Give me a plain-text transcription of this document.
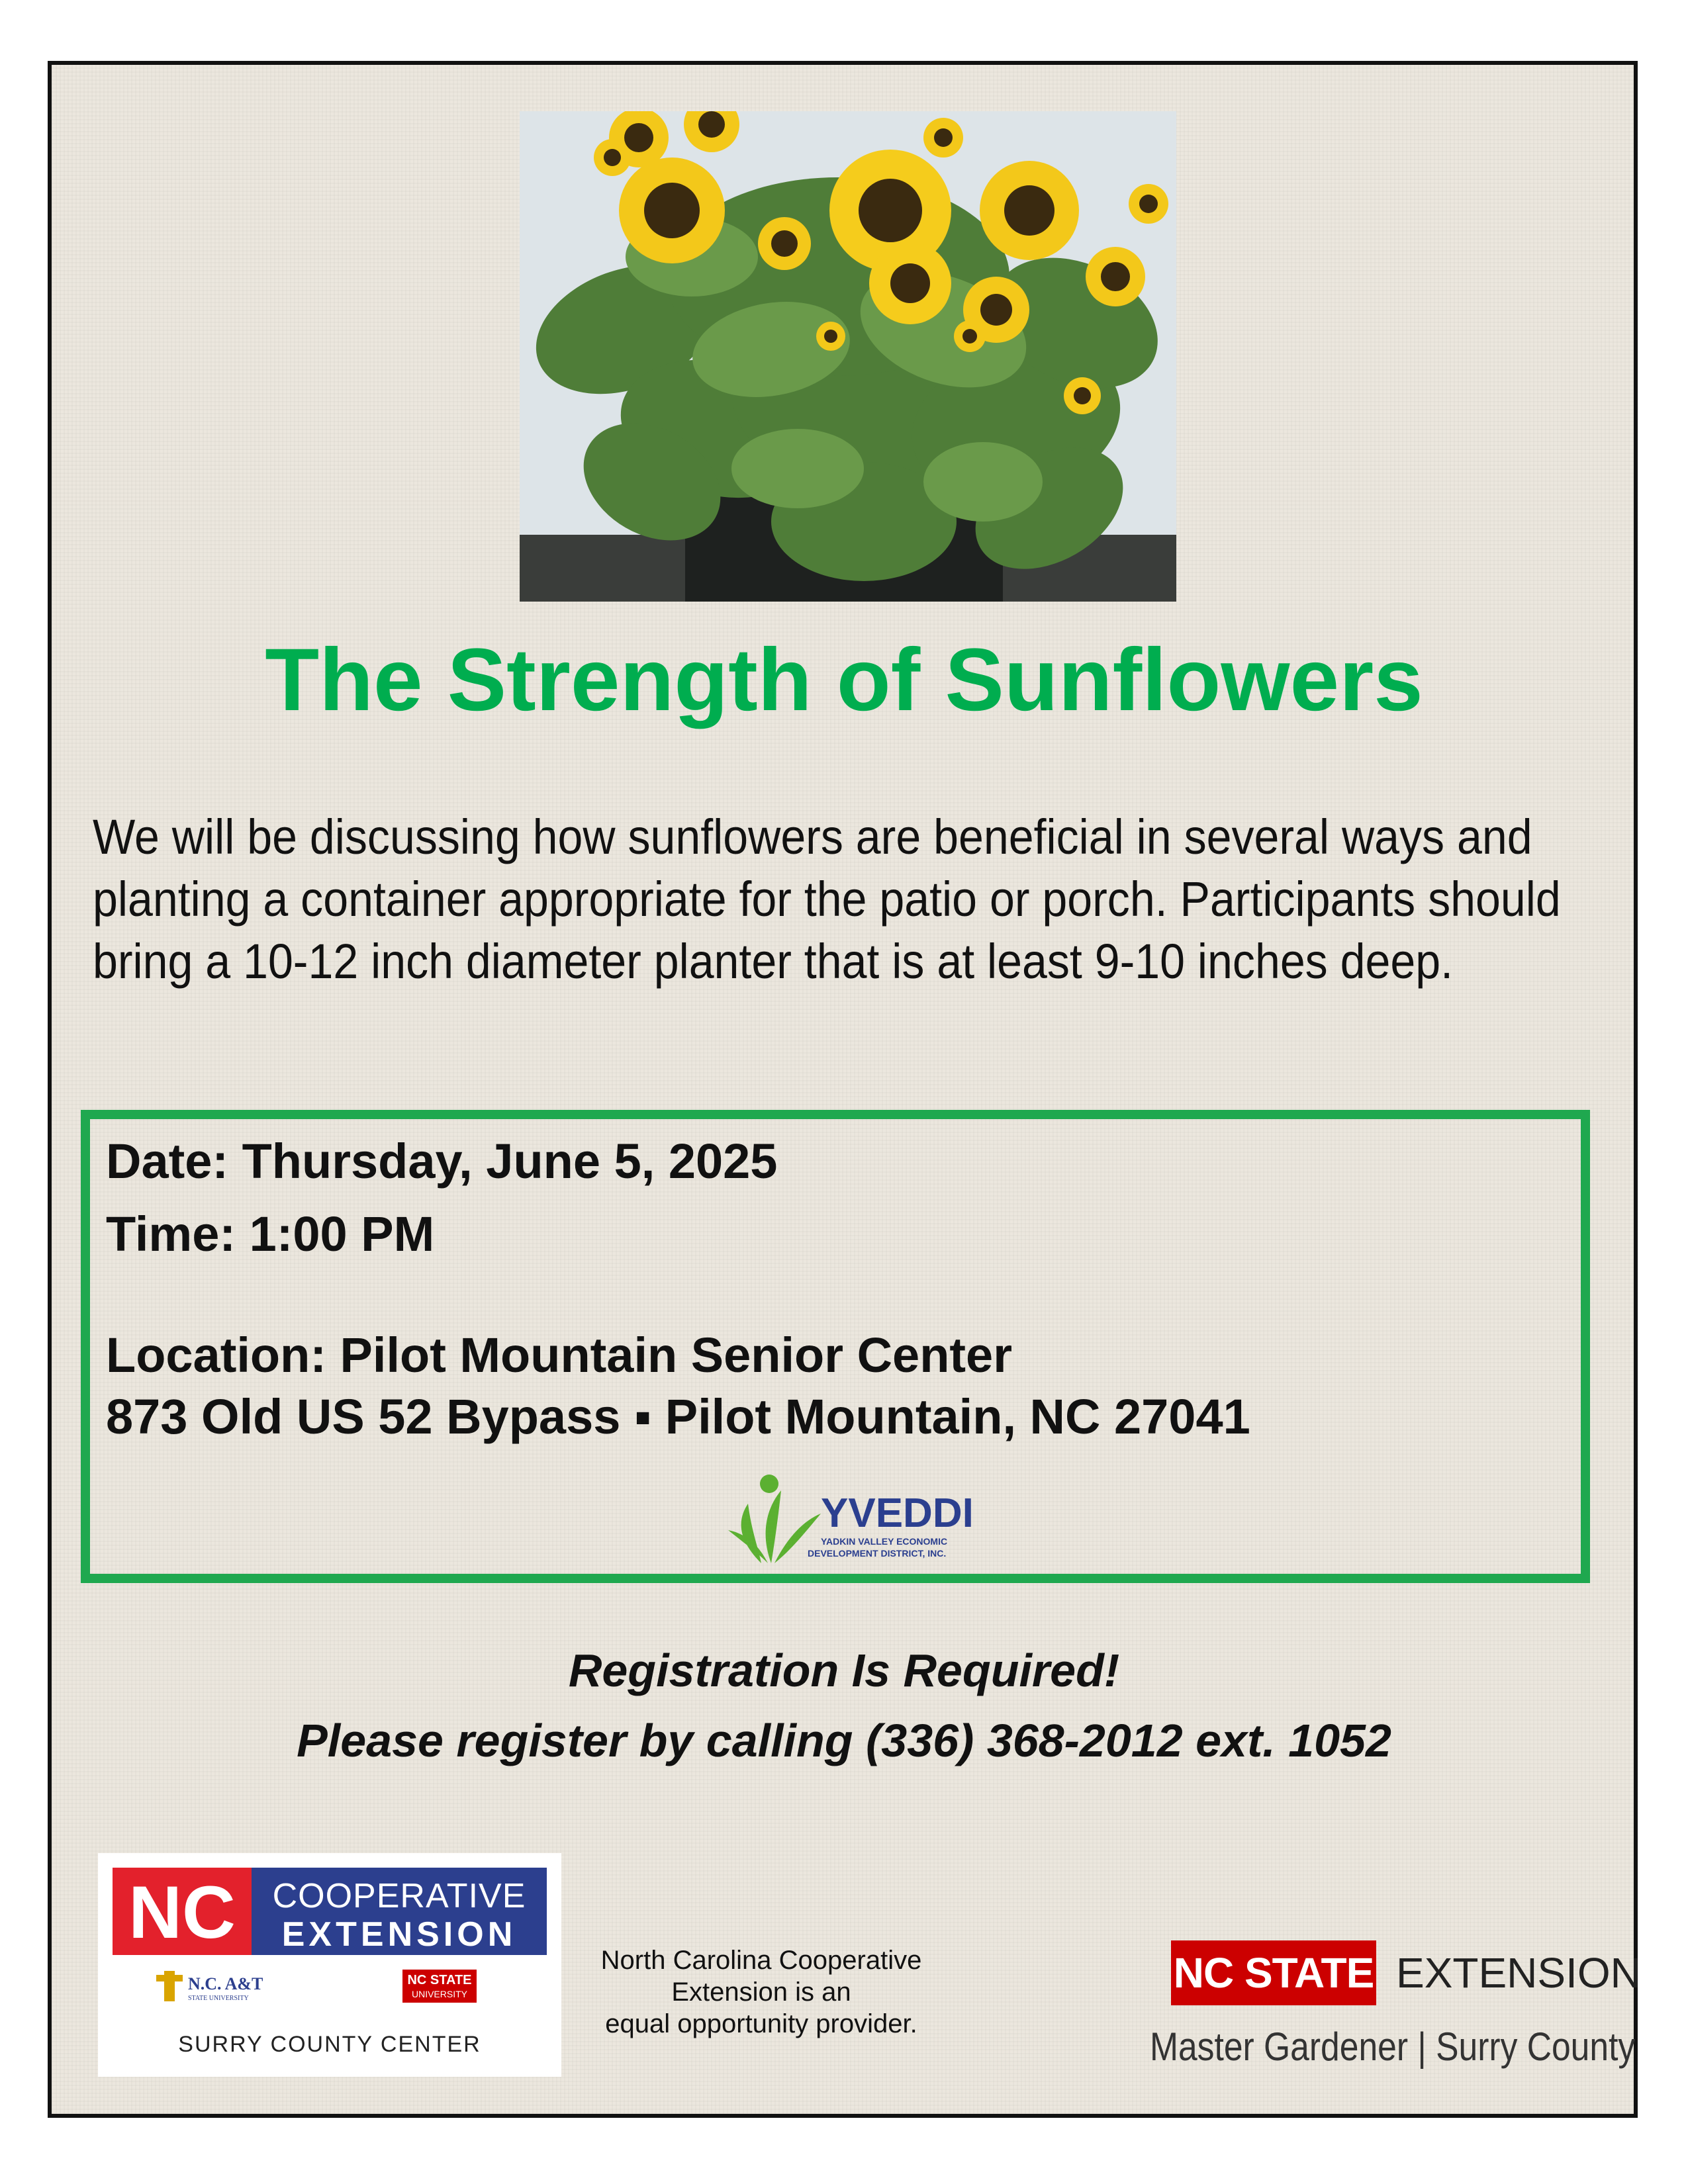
The Strength of Sunflowers
We will be discussing how sunflowers are beneficial in several ways and
planting a container appropriate for the patio or porch. Participants should
bring a 10-12 inch diameter planter that is at least 9-10 inches deep.
Date: Thursday, June 5, 2025
Time: 1:00 PM
Location: Pilot Mountain Senior Center
873 Old US 52 Bypass ▪ Pilot Mountain, NC 27041
YVEDDI
YADKIN VALLEY ECONOMIC
DEVELOPMENT DISTRICT, INC.
Registration Is Required!
Please register by calling (336) 368-2012 ext. 1052
NC COOPERATIVE
EXTENSION
N.C. A&T
STATE UNIVERSITY
NC STATE
UNIVERSITY
SURRY COUNTY CENTER
North Carolina Cooperative Extension is an
equal opportunity provider.
NC STATE EXTENSION
Master Gardener | Surry County
